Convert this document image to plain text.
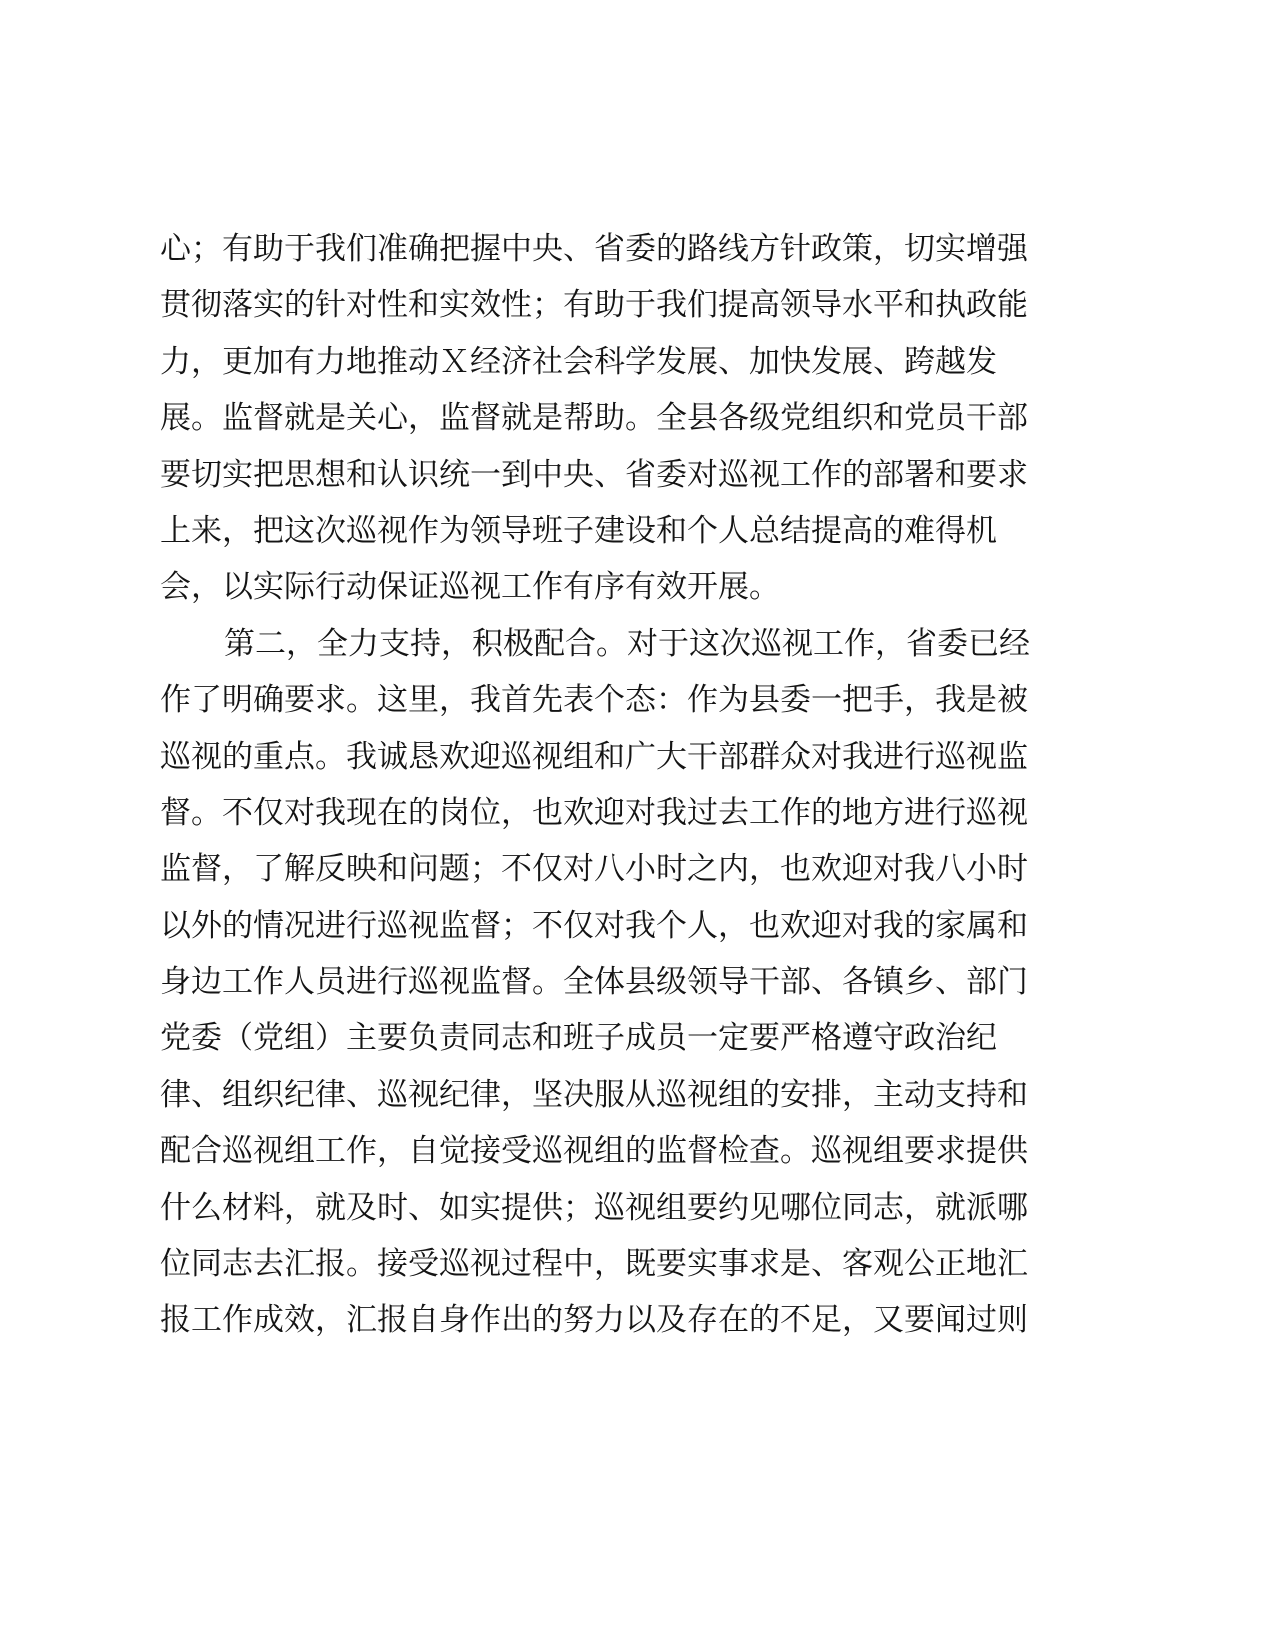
心；有助于我们准确把握中央、省委的路线方针政策，切实增强
贯彻落实的针对性和实效性；有助于我们提高领导水平和执政能
力，更加有力地推动Ｘ经济社会科学发展、加快发展、跨越发
展。监督就是关心，监督就是帮助。全县各级党组织和党员干部
要切实把思想和认识统一到中央、省委对巡视工作的部署和要求
上来，把这次巡视作为领导班子建设和个人总结提高的难得机
会，以实际行动保证巡视工作有序有效开展。
第二，全力支持，积极配合。对于这次巡视工作，省委已经
作了明确要求。这里，我首先表个态：作为县委一把手，我是被
巡视的重点。我诚恳欢迎巡视组和广大干部群众对我进行巡视监
督。不仅对我现在的岗位，也欢迎对我过去工作的地方进行巡视
监督，了解反映和问题；不仅对八小时之内，也欢迎对我八小时
以外的情况进行巡视监督；不仅对我个人，也欢迎对我的家属和
身边工作人员进行巡视监督。全体县级领导干部、各镇乡、部门
党委（党组）主要负责同志和班子成员一定要严格遵守政治纪
律、组织纪律、巡视纪律，坚决服从巡视组的安排，主动支持和
配合巡视组工作，自觉接受巡视组的监督检查。巡视组要求提供
什么材料，就及时、如实提供；巡视组要约见哪位同志，就派哪
位同志去汇报。接受巡视过程中，既要实事求是、客观公正地汇
报工作成效，汇报自身作出的努力以及存在的不足，又要闻过则
